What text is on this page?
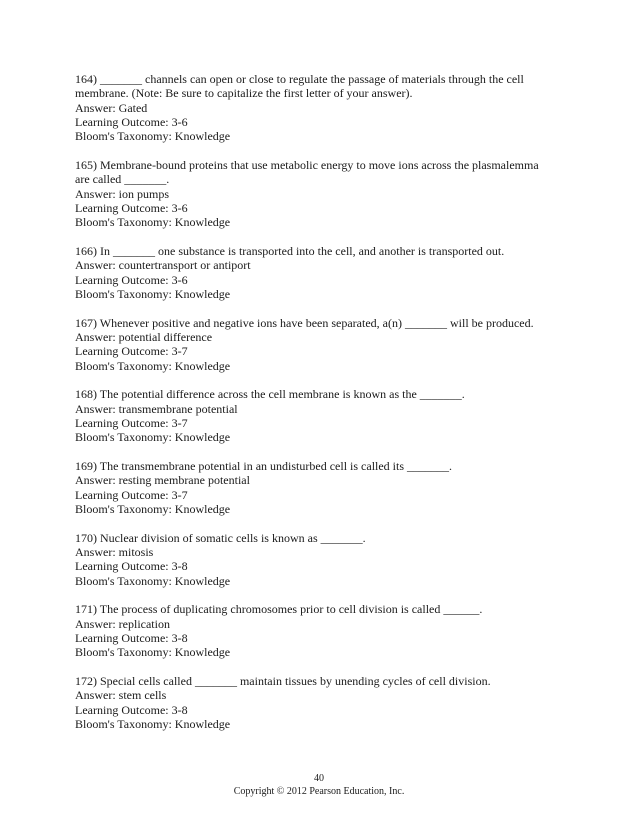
164) _______ channels can open or close to regulate the passage of materials through the cell
membrane. (Note: Be sure to capitalize the first letter of your answer).
Answer: Gated
Learning Outcome: 3-6
Bloom's Taxonomy: Knowledge
165) Membrane-bound proteins that use metabolic energy to move ions across the plasmalemma
are called _______.
Answer: ion pumps
Learning Outcome: 3-6
Bloom's Taxonomy: Knowledge
166) In _______ one substance is transported into the cell, and another is transported out.
Answer: countertransport or antiport
Learning Outcome: 3-6
Bloom's Taxonomy: Knowledge
167) Whenever positive and negative ions have been separated, a(n) _______ will be produced.
Answer: potential difference
Learning Outcome: 3-7
Bloom's Taxonomy: Knowledge
168) The potential difference across the cell membrane is known as the _______.
Answer: transmembrane potential
Learning Outcome: 3-7
Bloom's Taxonomy: Knowledge
169) The transmembrane potential in an undisturbed cell is called its _______.
Answer: resting membrane potential
Learning Outcome: 3-7
Bloom's Taxonomy: Knowledge
170) Nuclear division of somatic cells is known as _______.
Answer: mitosis
Learning Outcome: 3-8
Bloom's Taxonomy: Knowledge
171) The process of duplicating chromosomes prior to cell division is called ______.
Answer: replication
Learning Outcome: 3-8
Bloom's Taxonomy: Knowledge
172) Special cells called _______ maintain tissues by unending cycles of cell division.
Answer: stem cells
Learning Outcome: 3-8
Bloom's Taxonomy: Knowledge
40
Copyright © 2012 Pearson Education, Inc.
